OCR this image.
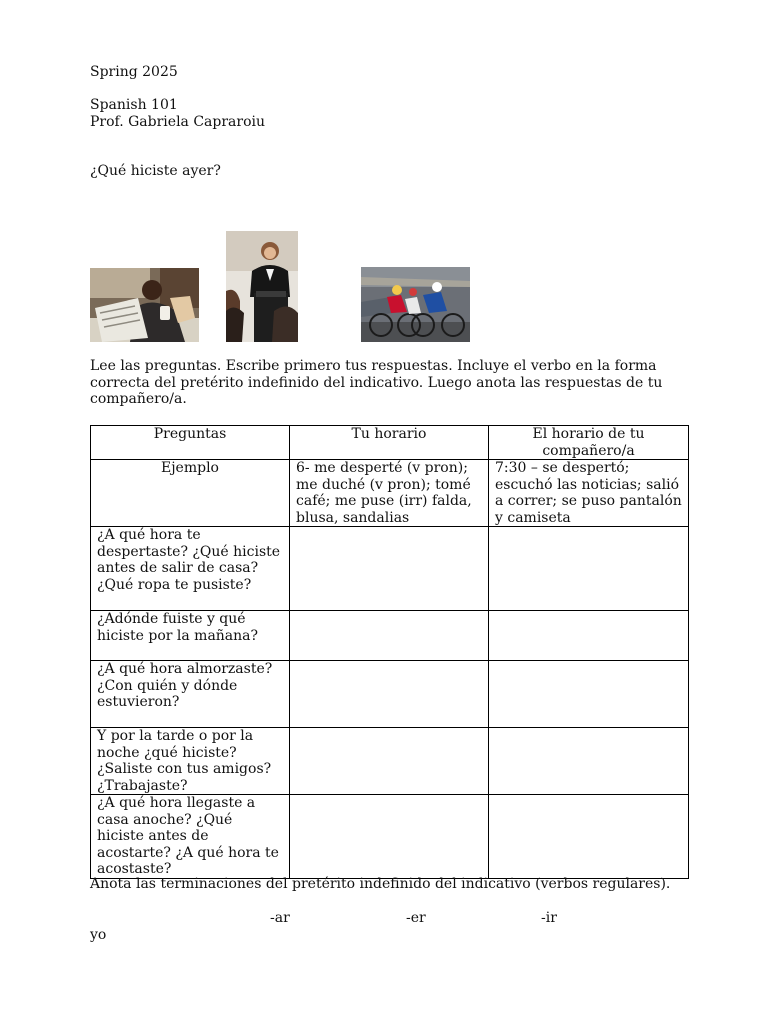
Spring 2025
Spanish 101
Prof. Gabriela Capraroiu
¿Qué hiciste ayer?
Lee las preguntas. Escribe primero tus respuestas. Incluye el verbo en la forma correcta del pretérito indefinido del indicativo. Luego anota las respuestas de tu compañero/a.
Preguntas	Tu horario	El horario de tu compañero/a
Ejemplo	6- me desperté (v pron); me duché (v pron); tomé café; me puse (irr) falda, blusa, sandalias	7:30 – se despertó; escuchó las noticias; salió a correr; se puso pantalón y camiseta
¿A qué hora te despertaste? ¿Qué hiciste antes de salir de casa? ¿Qué ropa te pusiste?		
¿Adónde fuiste y qué hiciste por la mañana?		
¿A qué hora almorzaste? ¿Con quién y dónde estuvieron?		
Y por la tarde o por la noche ¿qué hiciste? ¿Saliste con tus amigos? ¿Trabajaste?		
¿A qué hora llegaste a casa anoche? ¿Qué hiciste antes de acostarte? ¿A qué hora te acostaste?		
Anota las terminaciones del pretérito indefinido del indicativo (verbos regulares).
-ar	-er	-ir
yo
